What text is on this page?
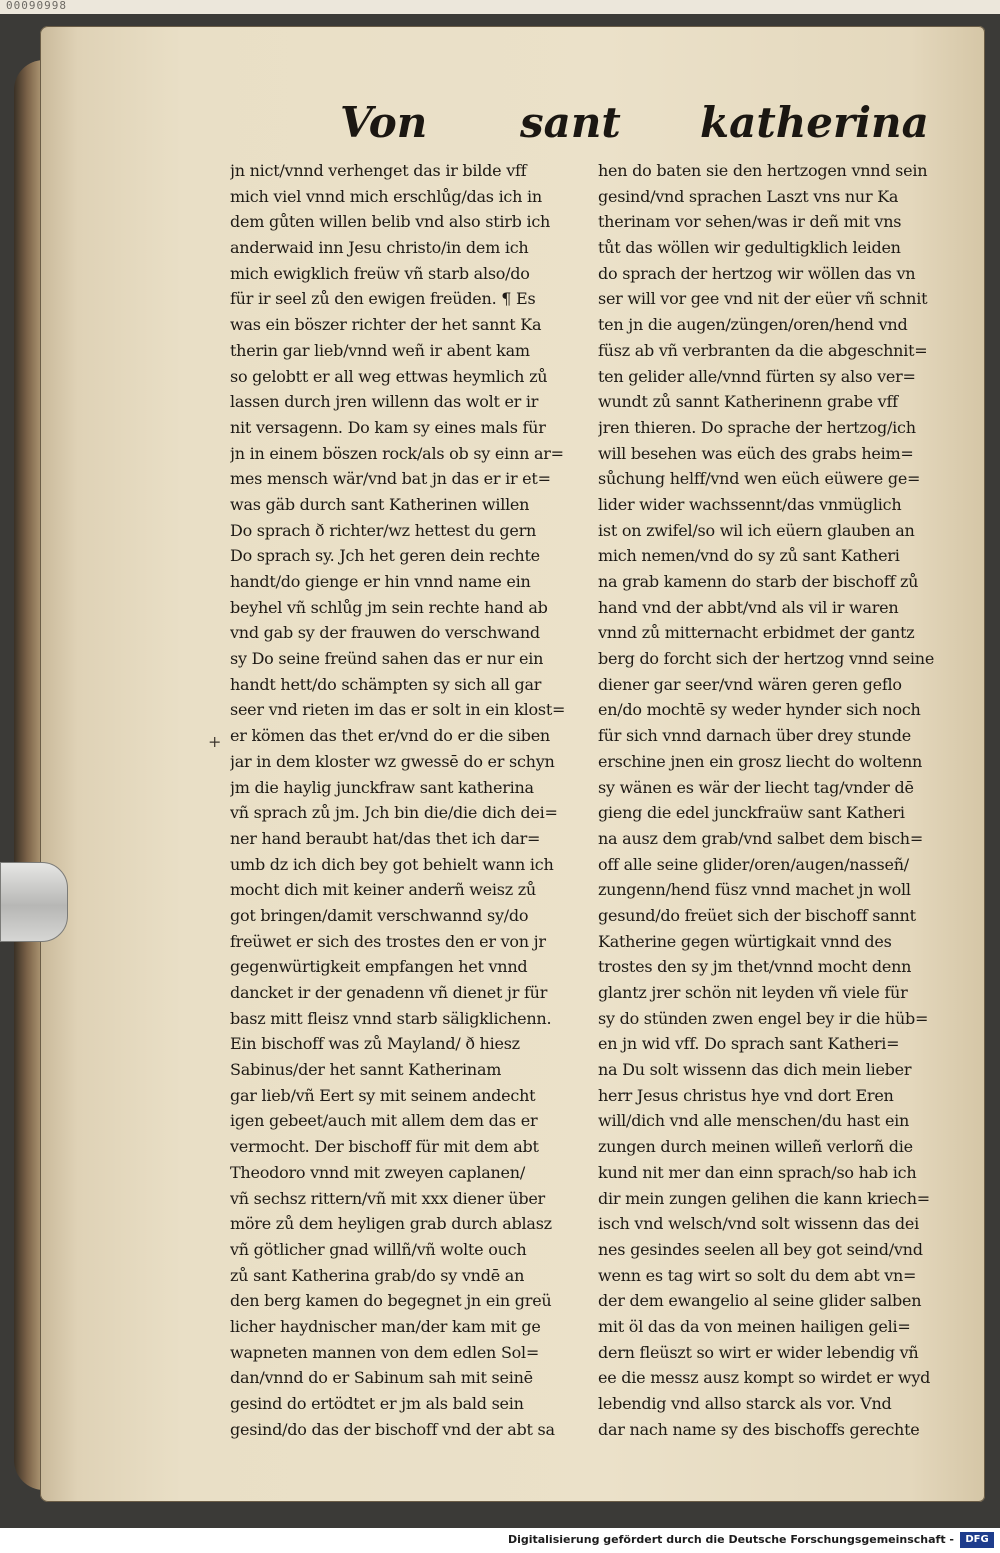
00090998
Von sant katherina
+
jn nict/vnnd verhenget das ir bilde vff
mich viel vnnd mich erschlůg/das ich in
dem gůten willen belib vnd also stirb ich
anderwaid inn Jesu christo/in dem ich
mich ewigklich freüw vñ starb also/do
für ir seel zů den ewigen freüden. ¶ Es
was ein böszer richter der het sannt Ka
therin gar lieb/vnnd weñ ir abent kam
so gelobtt er all weg ettwas heymlich zů
lassen durch jren willenn das wolt er ir
nit versagenn. Do kam sy eines mals für
jn in einem böszen rock/als ob sy einn ar=
mes mensch wär/vnd bat jn das er ir et=
was gäb durch sant Katherinen willen
Do sprach ð richter/wz hettest du gern
Do sprach sy. Jch het geren dein rechte
handt/do gienge er hin vnnd name ein
beyhel vñ schlůg jm sein rechte hand ab
vnd gab sy der frauwen do verschwand
sy Do seine freünd sahen das er nur ein
handt hett/do schämpten sy sich all gar
seer vnd rieten im das er solt in ein klost=
er kömen das thet er/vnd do er die siben
jar in dem kloster wz gwessē do er schyn
jm die haylig junckfraw sant katherina
vñ sprach zů jm. Jch bin die/die dich dei=
ner hand beraubt hat/das thet ich dar=
umb dz ich dich bey got behielt wann ich
mocht dich mit keiner anderñ weisz zů
got bringen/damit verschwannd sy/do
freüwet er sich des trostes den er von jr
gegenwürtigkeit empfangen het vnnd
dancket ir der genadenn vñ dienet jr für
basz mitt fleisz vnnd starb säligklichenn.
Ein bischoff was zů Mayland/ ð hiesz
Sabinus/der het sannt Katherinam
gar lieb/vñ Eert sy mit seinem andecht
igen gebeet/auch mit allem dem das er
vermocht. Der bischoff für mit dem abt
Theodoro vnnd mit zweyen caplanen/
vñ sechsz rittern/vñ mit xxx diener über
möre zů dem heyligen grab durch ablasz
vñ götlicher gnad willñ/vñ wolte ouch
zů sant Katherina grab/do sy vndē an
den berg kamen do begegnet jn ein greü
licher haydnischer man/der kam mit ge
wapneten mannen von dem edlen Sol=
dan/vnnd do er Sabinum sah mit seinē
gesind do ertödtet er jm als bald sein
gesind/do das der bischoff vnd der abt sa
hen do baten sie den hertzogen vnnd sein
gesind/vnd sprachen Laszt vns nur Ka
therinam vor sehen/was ir deñ mit vns
tůt das wöllen wir gedultigklich leiden
do sprach der hertzog wir wöllen das vn
ser will vor gee vnd nit der eüer vñ schnit
ten jn die augen/züngen/oren/hend vnd
füsz ab vñ verbranten da die abgeschnit=
ten gelider alle/vnnd fürten sy also ver=
wundt zů sannt Katherinenn grabe vff
jren thieren. Do sprache der hertzog/ich
will besehen was eüch des grabs heim=
sůchung helff/vnd wen eüch eüwere ge=
lider wider wachssennt/das vnmüglich
ist on zwifel/so wil ich eüern glauben an
mich nemen/vnd do sy zů sant Katheri
na grab kamenn do starb der bischoff zů
hand vnd der abbt/vnd als vil ir waren
vnnd zů mitternacht erbidmet der gantz
berg do forcht sich der hertzog vnnd seine
diener gar seer/vnd wären geren geflo
en/do mochtē sy weder hynder sich noch
für sich vnnd darnach über drey stunde
erschine jnen ein grosz liecht do woltenn
sy wänen es wär der liecht tag/vnder dē
gieng die edel junckfraüw sant Katheri
na ausz dem grab/vnd salbet dem bisch=
off alle seine glider/oren/augen/nasseñ/
zungenn/hend füsz vnnd machet jn woll
gesund/do freüet sich der bischoff sannt
Katherine gegen würtigkait vnnd des
trostes den sy jm thet/vnnd mocht denn
glantz jrer schön nit leyden vñ viele für
sy do stünden zwen engel bey ir die hüb=
en jn wid vff. Do sprach sant Katheri=
na Du solt wissenn das dich mein lieber
herr Jesus christus hye vnd dort Eren
will/dich vnd alle menschen/du hast ein
zungen durch meinen willeñ verlorñ die
kund nit mer dan einn sprach/so hab ich
dir mein zungen gelihen die kann kriech=
isch vnd welsch/vnd solt wissenn das dei
nes gesindes seelen all bey got seind/vnd
wenn es tag wirt so solt du dem abt vn=
der dem ewangelio al seine glider salben
mit öl das da von meinen hailigen geli=
dern fleüszt so wirt er wider lebendig vñ
ee die messz ausz kompt so wirdet er wyd
lebendig vnd allso starck als vor. Vnd
dar nach name sy des bischoffs gerechte
Digitalisierung gefördert durch die Deutsche Forschungsgemeinschaft -	DFG
